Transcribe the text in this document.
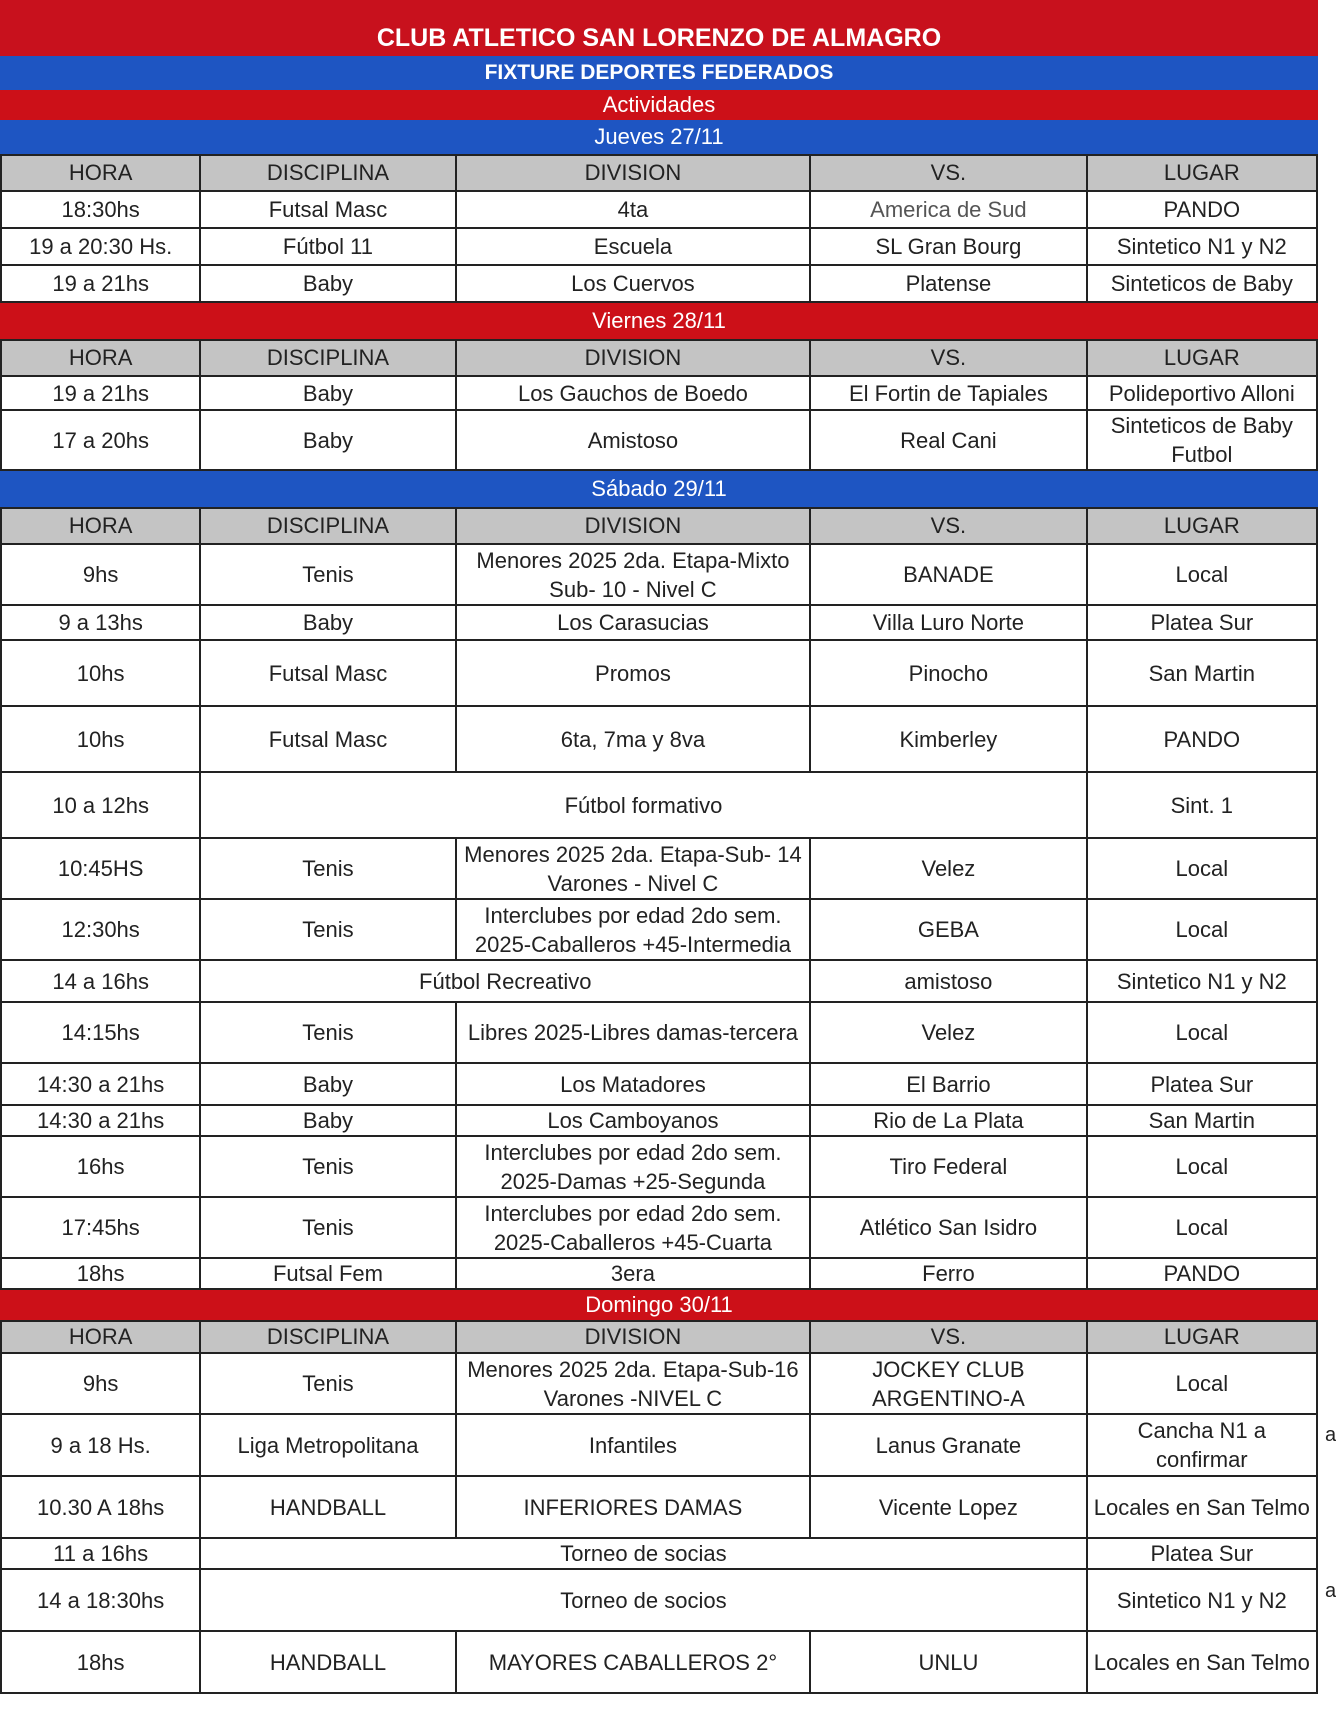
CLUB ATLETICO SAN LORENZO DE ALMAGRO
FIXTURE DEPORTES FEDERADOS
Actividades
Jueves 27/11
HORA	DISCIPLINA	DIVISION	VS.	LUGAR
18:30hs	Futsal Masc	4ta	America de Sud	PANDO
19 a 20:30 Hs.	Fútbol 11	Escuela	SL Gran Bourg	Sintetico N1 y N2
19 a 21hs	Baby	Los Cuervos	Platense	Sinteticos de Baby
Viernes 28/11
HORA	DISCIPLINA	DIVISION	VS.	LUGAR
19 a 21hs	Baby	Los Gauchos de Boedo	El Fortin de Tapiales	Polideportivo Alloni
17 a 20hs	Baby	Amistoso	Real Cani	Sinteticos de Baby Futbol
Sábado 29/11
HORA	DISCIPLINA	DIVISION	VS.	LUGAR
9hs	Tenis	Menores 2025 2da. Etapa-Mixto Sub- 10 - Nivel C	BANADE	Local
9 a 13hs	Baby	Los Carasucias	Villa Luro Norte	Platea Sur
10hs	Futsal Masc	Promos	Pinocho	San Martin
10hs	Futsal Masc	6ta, 7ma y 8va	Kimberley	PANDO
10 a 12hs	Fútbol formativo			Sint. 1
10:45HS	Tenis	Menores 2025 2da. Etapa-Sub- 14 Varones - Nivel C	Velez	Local
12:30hs	Tenis	Interclubes por edad 2do sem. 2025-Caballeros +45-Intermedia	GEBA	Local
14 a 16hs	Fútbol Recreativo		amistoso	Sintetico N1 y N2
14:15hs	Tenis	Libres 2025-Libres damas-tercera	Velez	Local
14:30 a 21hs	Baby	Los Matadores	El Barrio	Platea Sur
14:30 a 21hs	Baby	Los Camboyanos	Rio de La Plata	San Martin
16hs	Tenis	Interclubes por edad 2do sem. 2025-Damas +25-Segunda	Tiro Federal	Local
17:45hs	Tenis	Interclubes por edad 2do sem. 2025-Caballeros +45-Cuarta	Atlético San Isidro	Local
18hs	Futsal Fem	3era	Ferro	PANDO
Domingo 30/11
HORA	DISCIPLINA	DIVISION	VS.	LUGAR
9hs	Tenis	Menores 2025 2da. Etapa-Sub-16 Varones -NIVEL C	JOCKEY CLUB ARGENTINO-A	Local
9 a 18 Hs.	Liga Metropolitana	Infantiles	Lanus Granate	Cancha N1 a confirmar
10.30 A 18hs	HANDBALL	INFERIORES DAMAS	Vicente Lopez	Locales en San Telmo
11 a 16hs	Torneo de socias			Platea Sur
14 a 18:30hs	Torneo de socios			Sintetico N1 y N2
18hs	HANDBALL	MAYORES CABALLEROS 2°	UNLU	Locales en San Telmo
a
a
